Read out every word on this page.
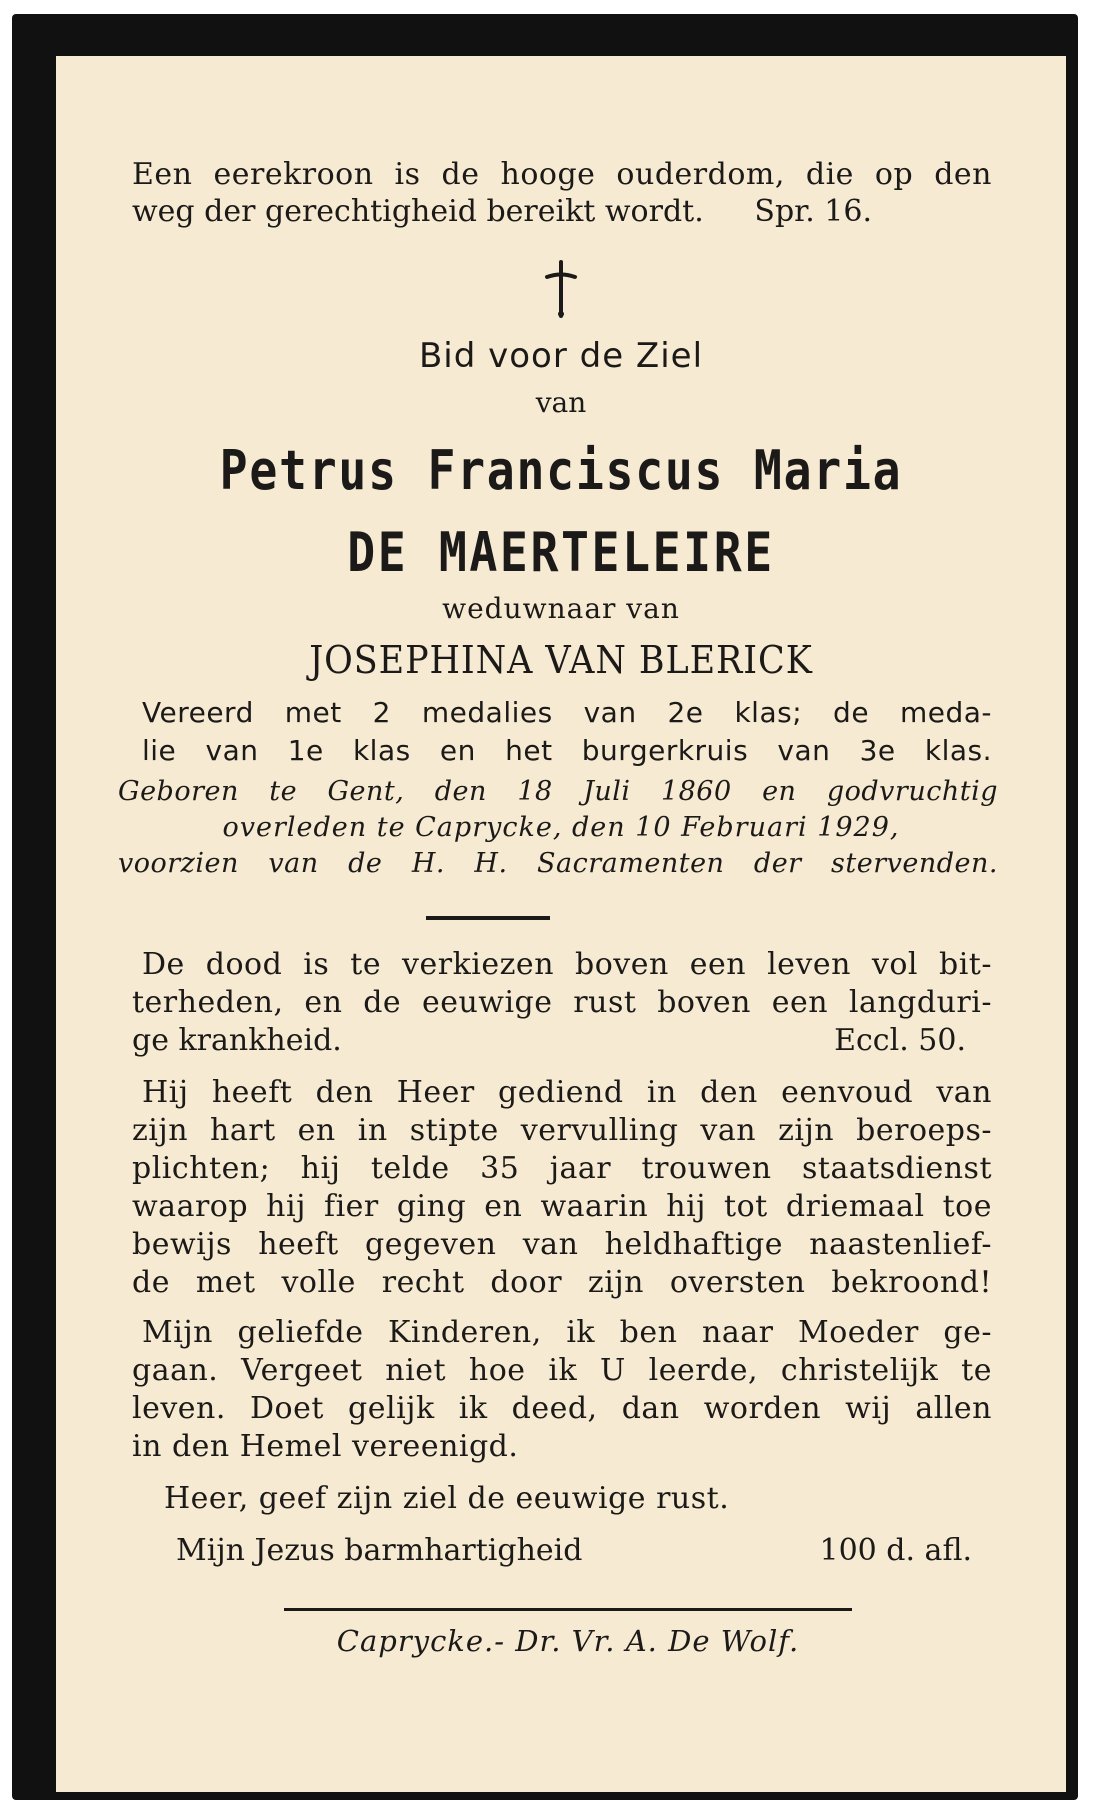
Een eerekroon is de hooge ouderdom, die op den
weg der gerechtigheid bereikt wordt. Spr. 16.
Bid voor de Ziel
van
Petrus Franciscus Maria
DE MAERTELEIRE
weduwnaar van
JOSEPHINA VAN BLERICK
Vereerd met 2 medalies van 2e klas; de meda-
lie van 1e klas en het burgerkruis van 3e klas.
Geboren te Gent, den 18 Juli 1860 en godvruchtig
overleden te Caprycke, den 10 Februari 1929,
voorzien van de H. H. Sacramenten der stervenden.
De dood is te verkiezen boven een leven vol bit-
terheden, en de eeuwige rust boven een langduri-
ge krankheid.	Eccl. 50.
Hij heeft den Heer gediend in den eenvoud van
zijn hart en in stipte vervulling van zijn beroeps-
plichten; hij telde 35 jaar trouwen staatsdienst
waarop hij fier ging en waarin hij tot driemaal toe
bewijs heeft gegeven van heldhaftige naastenlief-
de met volle recht door zijn oversten bekroond!
Mijn geliefde Kinderen, ik ben naar Moeder ge-
gaan. Vergeet niet hoe ik U leerde, christelijk te
leven. Doet gelijk ik deed, dan worden wij allen
in den Hemel vereenigd.
Heer, geef zijn ziel de eeuwige rust.
Mijn Jezus barmhartigheid	100 d. afl.
Caprycke.- Dr. Vr. A. De Wolf.
